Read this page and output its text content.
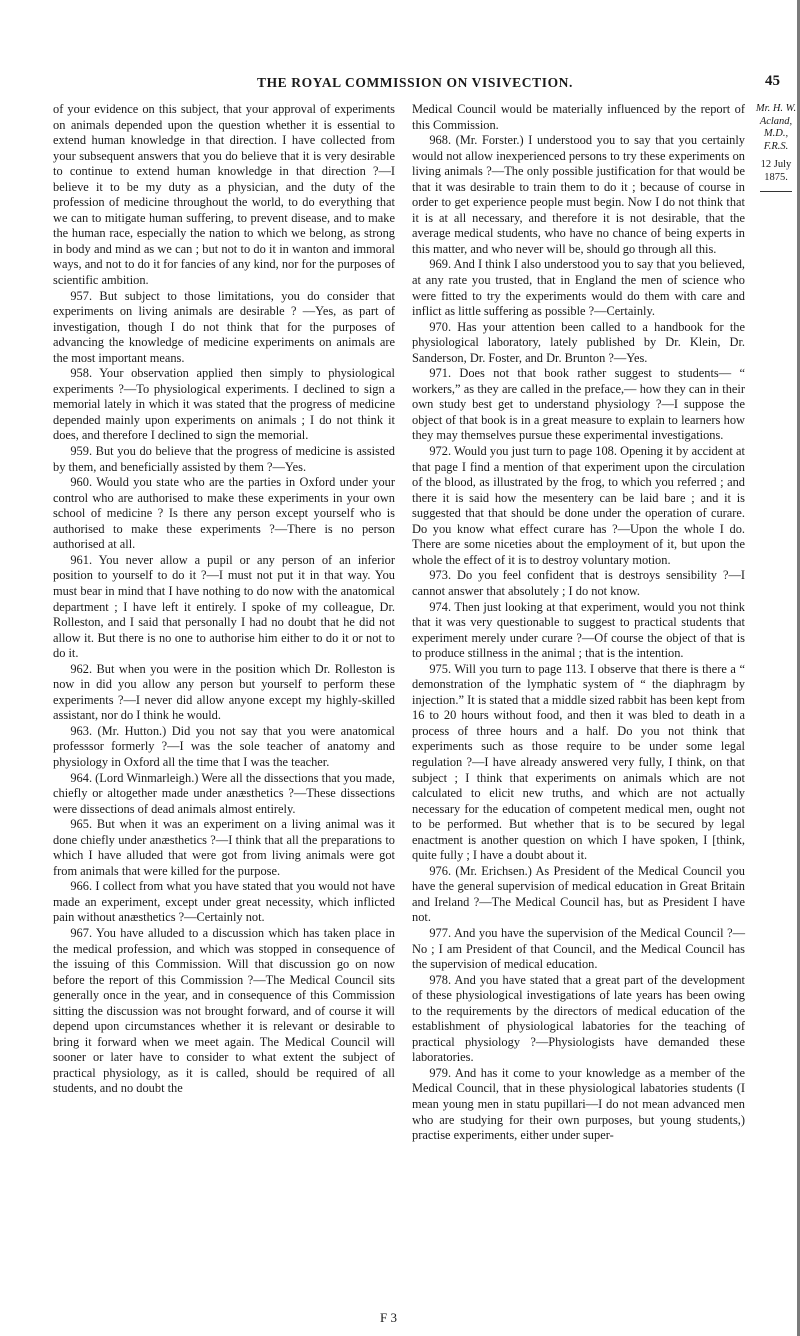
THE ROYAL COMMISSION ON VISIVECTION.	45

of your evidence on this subject, that your approval of experiments on animals depended upon the question whether it is essential to extend human knowledge in that direction. I have collected from your subsequent answers that you do believe that it is very desirable to continue to extend human knowledge in that direction ?—I believe it to be my duty as a physician, and the duty of the profession of medicine throughout the world, to do everything that we can to mitigate human suffering, to prevent disease, and to make the human race, especially the nation to which we belong, as strong in body and mind as we can ; but not to do it in wanton and immoral ways, and not to do it for fancies of any kind, nor for the purposes of scientific ambition.

957. But subject to those limitations, you do consider that experiments on living animals are desirable ? —Yes, as part of investigation, though I do not think that for the purposes of advancing the knowledge of medicine experiments on animals are the most important means.

958. Your observation applied then simply to physiological experiments ?—To physiological experiments. I declined to sign a memorial lately in which it was stated that the progress of medicine depended mainly upon experiments on animals ; I do not think it does, and therefore I declined to sign the memorial.

959. But you do believe that the progress of medicine is assisted by them, and beneficially assisted by them ?—Yes.

960. Would you state who are the parties in Oxford under your control who are authorised to make these experiments in your own school of medicine ? Is there any person except yourself who is authorised to make these experiments ?—There is no person authorised at all.

961. You never allow a pupil or any person of an inferior position to yourself to do it ?—I must not put it in that way. You must bear in mind that I have nothing to do now with the anatomical department ; I have left it entirely. I spoke of my colleague, Dr. Rolleston, and I said that personally I had no doubt that he did not allow it. But there is no one to authorise him either to do it or not to do it.

962. But when you were in the position which Dr. Rolleston is now in did you allow any person but yourself to perform these experiments ?—I never did allow anyone except my highly-skilled assistant, nor do I think he would.

963. (Mr. Hutton.) Did you not say that you were anatomical professsor formerly ?—I was the sole teacher of anatomy and physiology in Oxford all the time that I was the teacher.

964. (Lord Winmarleigh.) Were all the dissections that you made, chiefly or altogether made under anæsthetics ?—These dissections were dissections of dead animals almost entirely.

965. But when it was an experiment on a living animal was it done chiefly under anæsthetics ?—I think that all the preparations to which I have alluded that were got from living animals were got from animals that were killed for the purpose.

966. I collect from what you have stated that you would not have made an experiment, except under great necessity, which inflicted pain without anæsthetics ?—Certainly not.

967. You have alluded to a discussion which has taken place in the medical profession, and which was stopped in consequence of the issuing of this Commission. Will that discussion go on now before the report of this Commission ?—The Medical Council sits generally once in the year, and in consequence of this Commission sitting the discussion was not brought forward, and of course it will depend upon circumstances whether it is relevant or desirable to bring it forward when we meet again. The Medical Council will sooner or later have to consider to what extent the subject of practical physiology, as it is called, should be required of all students, and no doubt the

Medical Council would be materially influenced by the report of this Commission.

968. (Mr. Forster.) I understood you to say that you certainly would not allow inexperienced persons to try these experiments on living animals ?—The only possible justification for that would be that it was desirable to train them to do it ; because of course in order to get experience people must begin. Now I do not think that it is at all necessary, and therefore it is not desirable, that the average medical students, who have no chance of being experts in this matter, and who never will be, should go through all this.

969. And I think I also understood you to say that you believed, at any rate you trusted, that in England the men of science who were fitted to try the experiments would do them with care and inflict as little suffering as possible ?—Certainly.

970. Has your attention been called to a handbook for the physiological laboratory, lately published by Dr. Klein, Dr. Sanderson, Dr. Foster, and Dr. Brunton ?—Yes.

971. Does not that book rather suggest to students— “ workers,” as they are called in the preface,— how they can in their own study best get to understand physiology ?—I suppose the object of that book is in a great measure to explain to learners how they may themselves pursue these experimental investigations.

972. Would you just turn to page 108. Opening it by accident at that page I find a mention of that experiment upon the circulation of the blood, as illustrated by the frog, to which you referred ; and there it is said how the mesentery can be laid bare ; and it is suggested that that should be done under the operation of curare. Do you know what effect curare has ?—Upon the whole I do. There are some niceties about the employment of it, but upon the whole the effect of it is to destroy voluntary motion.

973. Do you feel confident that is destroys sensibility ?—I cannot answer that absolutely ; I do not know.

974. Then just looking at that experiment, would you not think that it was very questionable to suggest to practical students that experiment merely under curare ?—Of course the object of that is to produce stillness in the animal ; that is the intention.

975. Will you turn to page 113. I observe that there is there a “ demonstration of the lymphatic system of “ the diaphragm by injection.” It is stated that a middle sized rabbit has been kept from 16 to 20 hours without food, and then it was bled to death in a process of three hours and a half. Do you not think that experiments such as those require to be under some legal regulation ?—I have already answered very fully, I think, on that subject ; I think that experiments on animals which are not calculated to elicit new truths, and which are not actually necessary for the education of competent medical men, ought not to be performed. But whether that is to be secured by legal enactment is another question on which I have spoken, I [think, quite fully ; I have a doubt about it.

976. (Mr. Erichsen.) As President of the Medical Council you have the general supervision of medical education in Great Britain and Ireland ?—The Medical Council has, but as President I have not.

977. And you have the supervision of the Medical Council ?—No ; I am President of that Council, and the Medical Council has the supervision of medical education.

978. And you have stated that a great part of the development of these physiological investigations of late years has been owing to the requirements by the directors of medical education of the establishment of physiological labatories for the teaching of practical physiology ?—Physiologists have demanded these laboratories.

979. And has it come to your knowledge as a member of the Medical Council, that in these physiological labatories students (I mean young men in statu pupillari—I do not mean advanced men who are studying for their own purposes, but young students,) practise experiments, either under super-

Mr. H. W. Acland, M.D., F.R.S.
12 July 1875.
F 3
